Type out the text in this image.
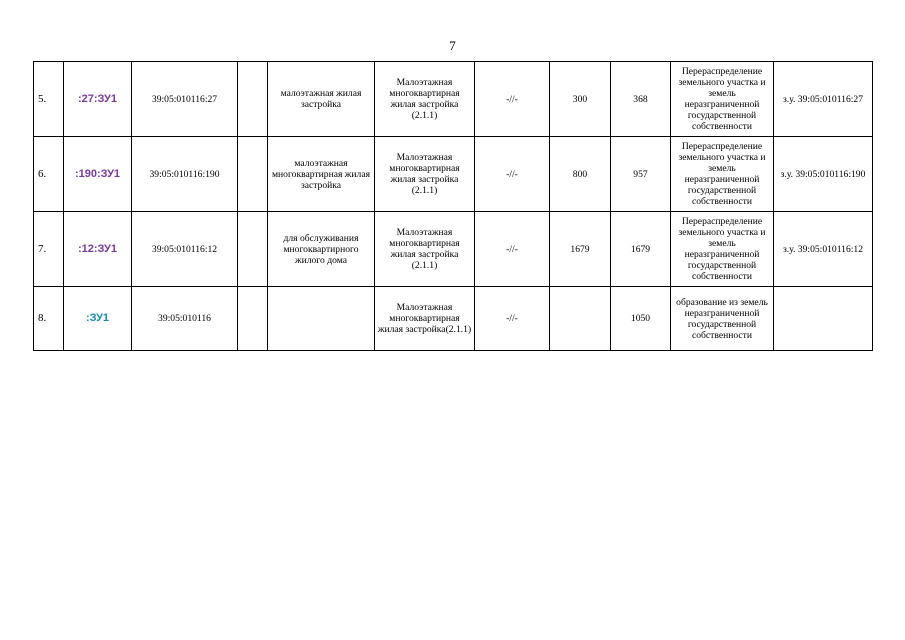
7
5.	:27:ЗУ1	39:05:010116:27		малоэтажная жилая застройка	Малоэтажная многоквартирная жилая застройка (2.1.1)	-//-	300	368	Перераспределение земельного участка и земель неразграниченной государственной собственности	з.у. 39:05:010116:27
6.	:190:ЗУ1	39:05:010116:190		малоэтажная многоквартирная жилая застройка	Малоэтажная многоквартирная жилая застройка (2.1.1)	-//-	800	957	Перераспределение земельного участка и земель неразграниченной государственной собственности	з.у. 39:05:010116:190
7.	:12:ЗУ1	39:05:010116:12		для обслуживания многоквартирного жилого дома	Малоэтажная многоквартирная жилая застройка (2.1.1)	-//-	1679	1679	Перераспределение земельного участка и земель неразграниченной государственной собственности	з.у. 39:05:010116:12
8.	:ЗУ1	39:05:010116			Малоэтажная многоквартирная жилая застройка(2.1.1)	-//-		1050	образование из земель неразграниченной государственной собственности	
